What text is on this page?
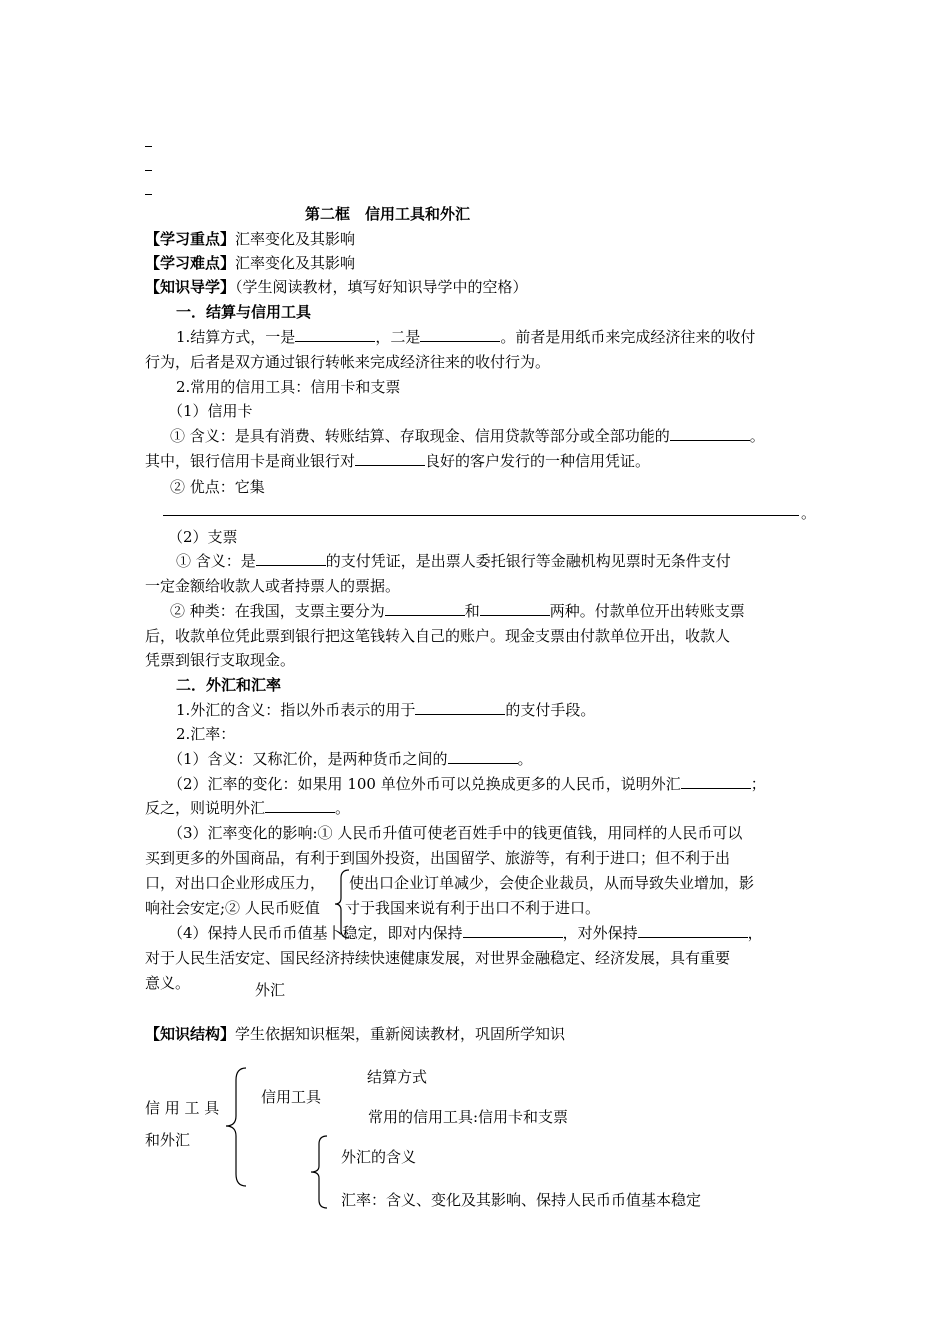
第二框　信用工具和外汇
【学习重点】汇率变化及其影响
【学习难点】汇率变化及其影响
【知识导学】（学生阅读教材，填写好知识导学中的空格）
一．结算与信用工具
1.结算方式，一是	，二是	。前者是用纸币来完成经济往来的收付
行为，后者是双方通过银行转帐来完成经济往来的收付行为。
2.常用的信用工具：信用卡和支票
（1）信用卡
① 含义：是具有消费、转账结算、存取现金、信用贷款等部分或全部功能的	。
其中，银行信用卡是商业银行对	良好的客户发行的一种信用凭证。
② 优点：它集
。
（2）支票
① 含义：是	的支付凭证，是出票人委托银行等金融机构见票时无条件支付
一定金额给收款人或者持票人的票据。
② 种类：在我国，支票主要分为	和	两种。付款单位开出转账支票
后，收款单位凭此票到银行把这笔钱转入自己的账户。现金支票由付款单位开出，收款人
凭票到银行支取现金。
二．外汇和汇率
1.外汇的含义：指以外币表示的用于	的支付手段。
2.汇率：
（1）含义：又称汇价，是两种货币之间的	。
（2）汇率的变化：如果用 100 单位外币可以兑换成更多的人民币，说明外汇	；
反之，则说明外汇	。
（3）汇率变化的影响:① 人民币升值可使老百姓手中的钱更值钱，用同样的人民币可以
买到更多的外国商品，有利于到国外投资，出国留学、旅游等，有利于进口；但不利于出
口，对出口企业形成压力， 使出口企业订单减少，会使企业裁员，从而导致失业增加，影
响社会安定;② 人民币贬值 寸于我国来说有利于出口不利于进口。
（4）保持人民币币值基卜稳定，即对内保持	，对外保持	，
对于人民生活安定、国民经济持续快速健康发展，对世界金融稳定、经济发展，具有重要
意义。	外汇
【知识结构】学生依据知识框架，重新阅读教材，巩固所学知识
信 用 工 具
和外汇
信用工具
结算方式
常用的信用工具:信用卡和支票
外汇的含义
汇率：含义、变化及其影响、保持人民币币值基本稳定
